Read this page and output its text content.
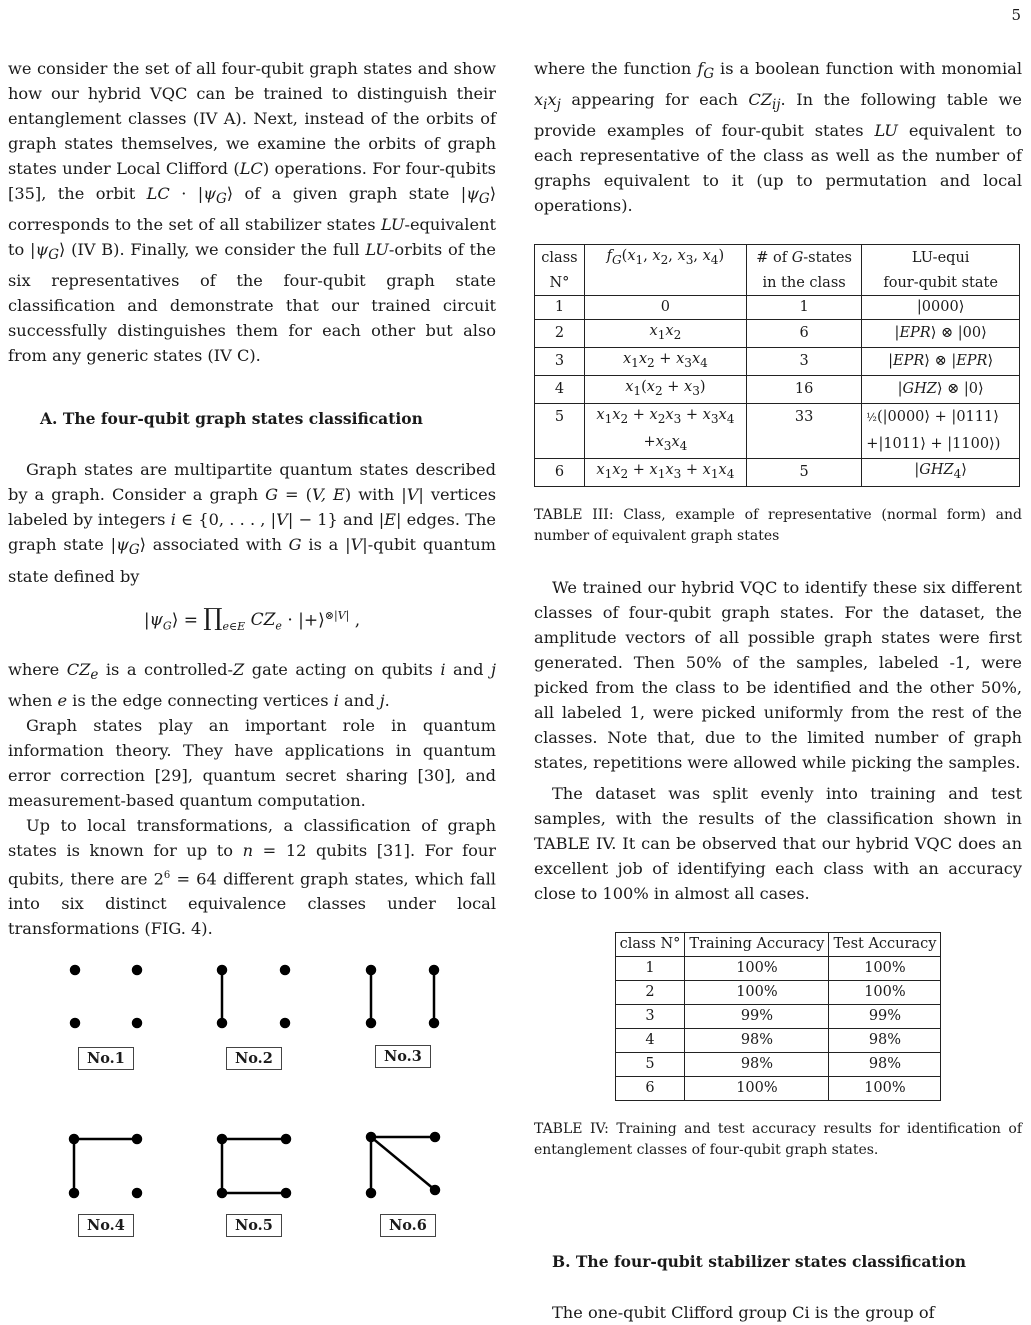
5

we consider the set of all four-qubit graph states and show how our hybrid VQC can be trained to distinguish their entanglement classes (IV A). Next, instead of the orbits of graph states themselves, we examine the orbits of graph states under Local Clifford (LC) operations. For four-qubits [35], the orbit LC · $|\psi_G⟩$ of a given graph state $|\psi_G⟩$ corresponds to the set of all stabilizer states LU-equivalent to $|\psi_G⟩$ (IV B). Finally, we consider the full LU-orbits of the six representatives of the four-qubit graph state classification and demonstrate that our trained circuit successfully distinguishes them for each other but also from any generic states (IV C).

A. The four-qubit graph states classification

Graph states are multipartite quantum states described by a graph. Consider a graph G = (V, E) with |V| vertices labeled by integers i ∈ {0, . . . , |V| − 1} and |E| edges. The graph state $|\psi_G⟩$ associated with G is a |V|-qubit quantum state defined by

$|\psi_G⟩$ = $\prod_{e\in E}$ $CZ_e$ · |+⟩$^{\otimes|V|}$ ,

where $CZ_e$ is a controlled-Z gate acting on qubits i and j when e is the edge connecting vertices i and j.

Graph states play an important role in quantum information theory. They have applications in quantum error correction [29], quantum secret sharing [30], and measurement-based quantum computation.

Up to local transformations, a classification of graph states is known for up to n = 12 qubits [31]. For four qubits, there are $2^6 = 64$ different graph states, which fall into six distinct equivalence classes under local transformations (FIG. 4).

No.1	No.2	No.3
No.4	No.5	No.6

where the function $f_G$ is a boolean function with monomial $x_ix_j$ appearing for each $CZ_{ij}$. In the following table we provide examples of four-qubit states LU equivalent to each representative of the class as well as the number of graphs equivalent to it (up to permutation and local operations).

class	$f_G(x_1$, $x_2$, $x_3$, $x_4$)	# of G-states	LU-equi
N°		in the class	four-qubit state
1	0	1	|0000⟩
2	$x_1x_2$	6	|EPR⟩ ⊗ |00⟩
3	$x_1x_2 + x_3x_4$	3	|EPR⟩ ⊗ |EPR⟩
4	$x_1(x_2 + x_3)$	16	|GHZ⟩ ⊗ |0⟩
5	$x_1x_2 + x_2x_3 + x_3x_4$	33	½(|0000⟩ + |0111⟩
	$+x_3x_4$		+|1011⟩ + |1100⟩)
6	$x_1x_2 + x_1x_3 + x_1x_4$	5	$|GHZ_4⟩$

TABLE III: Class, example of representative (normal form) and number of equivalent graph states

We trained our hybrid VQC to identify these six different classes of four-qubit graph states. For the dataset, the amplitude vectors of all possible graph states were first generated. Then 50% of the samples, labeled -1, were picked from the class to be identified and the other 50%, all labeled 1, were picked uniformly from the rest of the classes. Note that, due to the limited number of graph states, repetitions were allowed while picking the samples.

The dataset was split evenly into training and test samples, with the results of the classification shown in TABLE IV. It can be observed that our hybrid VQC does an excellent job of identifying each class with an accuracy close to 100% in almost all cases.

class N°	Training Accuracy	Test Accuracy
1	100%	100%
2	100%	100%
3	99%	99%
4	98%	98%
5	98%	98%
6	100%	100%

TABLE IV: Training and test accuracy results for identification of entanglement classes of four-qubit graph states.

B. The four-qubit stabilizer states classification

The one-qubit Clifford group Ci is the group of
